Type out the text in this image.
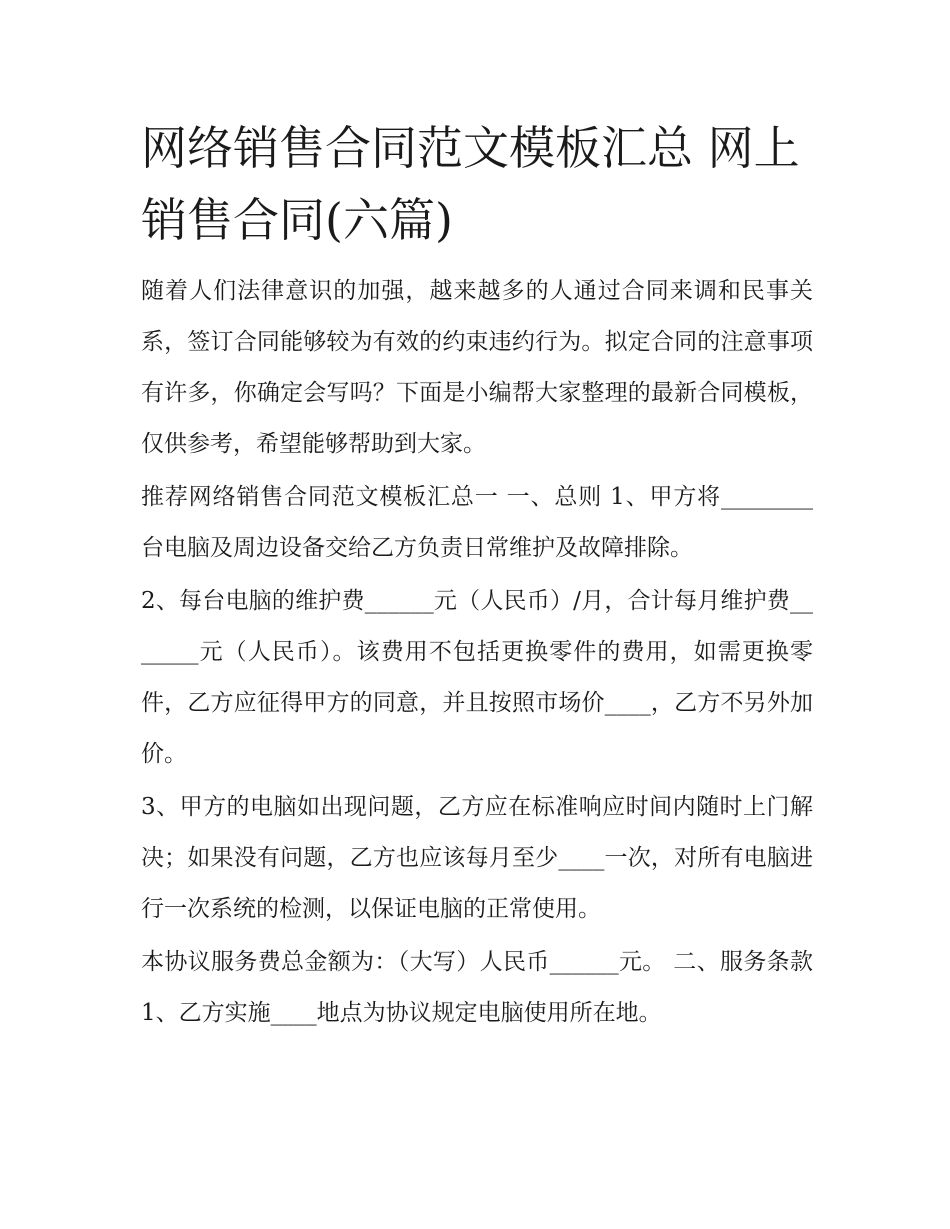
网络销售合同范文模板汇总 网上销售合同(六篇)

随着人们法律意识的加强，越来越多的人通过合同来调和民事关系，签订合同能够较为有效的约束违约行为。拟定合同的注意事项有许多，你确定会写吗？下面是小编帮大家整理的最新合同模板，仅供参考，希望能够帮助到大家。

推荐网络销售合同范文模板汇总一 一、总则 1、甲方将________台电脑及周边设备交给乙方负责日常维护及故障排除。

2、每台电脑的维护费______元（人民币）/月，合计每月维护费_______元（人民币）。该费用不包括更换零件的费用，如需更换零件，乙方应征得甲方的同意，并且按照市场价____，乙方不另外加价。

3、甲方的电脑如出现问题，乙方应在标准响应时间内随时上门解决；如果没有问题，乙方也应该每月至少____一次，对所有电脑进行一次系统的检测，以保证电脑的正常使用。

本协议服务费总金额为：（大写）人民币______元。 二、服务条款 1、乙方实施____地点为协议规定电脑使用所在地。
